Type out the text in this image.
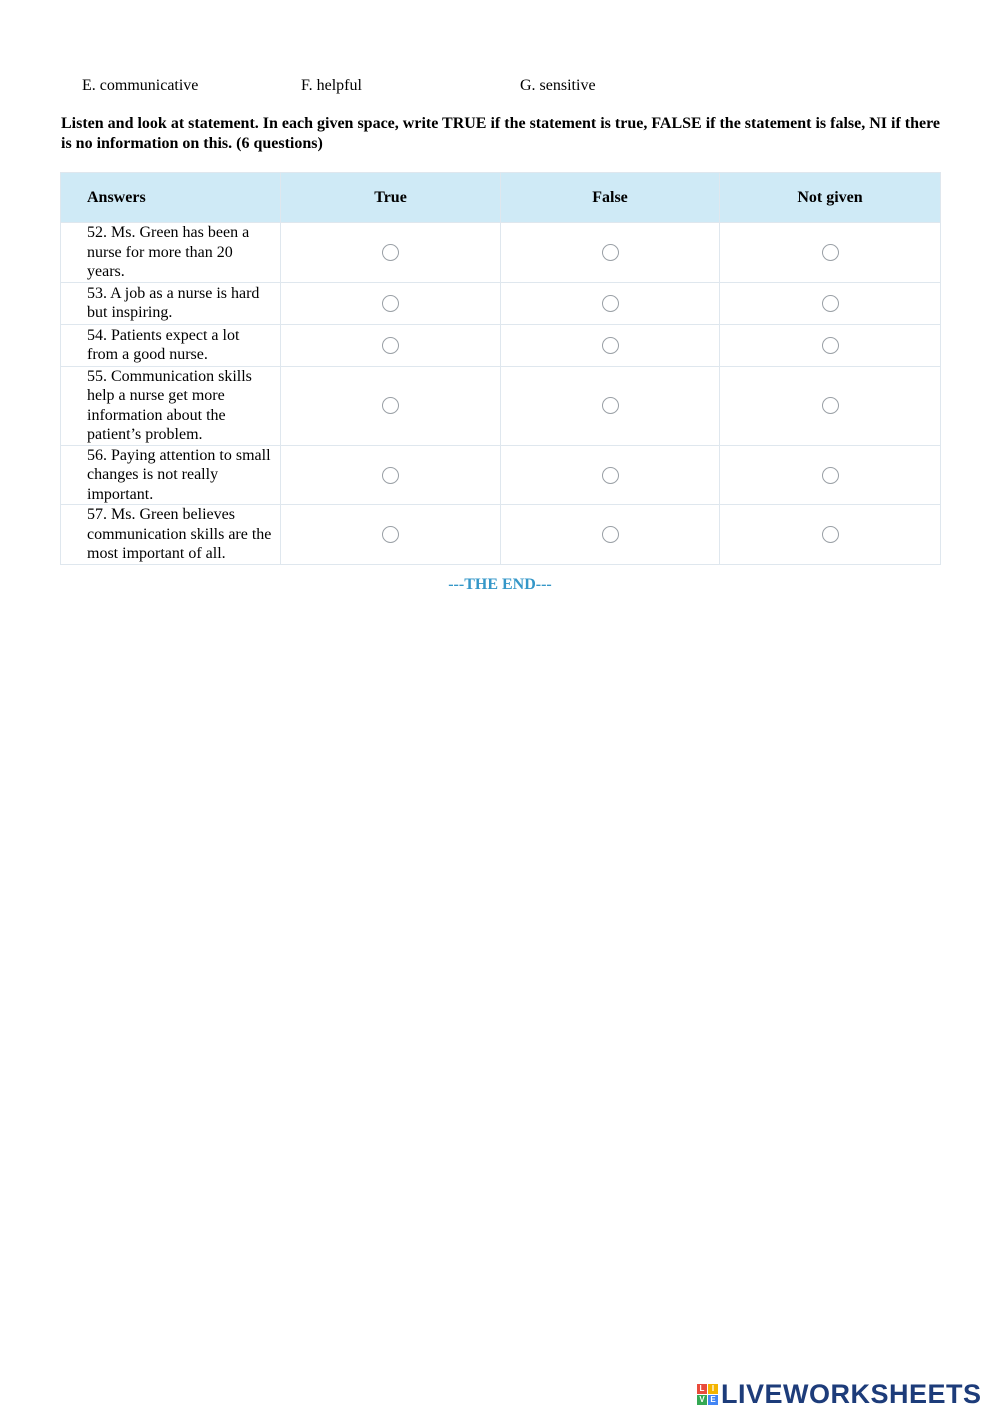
E. communicative	F. helpful	G. sensitive
Listen and look at statement. In each given space, write TRUE if the statement is true, FALSE if the statement is false, NI if there is no information on this. (6 questions)
Answers	True	False	Not given
52. Ms. Green has been a nurse for more than 20 years.			
53. A job as a nurse is hard but inspiring.			
54. Patients expect a lot from a good nurse.			
55. Communication skills help a nurse get more information about the patient’s problem.			
56. Paying attention to small changes is not really important.			
57. Ms. Green believes communication skills are the most important of all.			
---THE END---
L I
V E LIVEWORKSHEETS
